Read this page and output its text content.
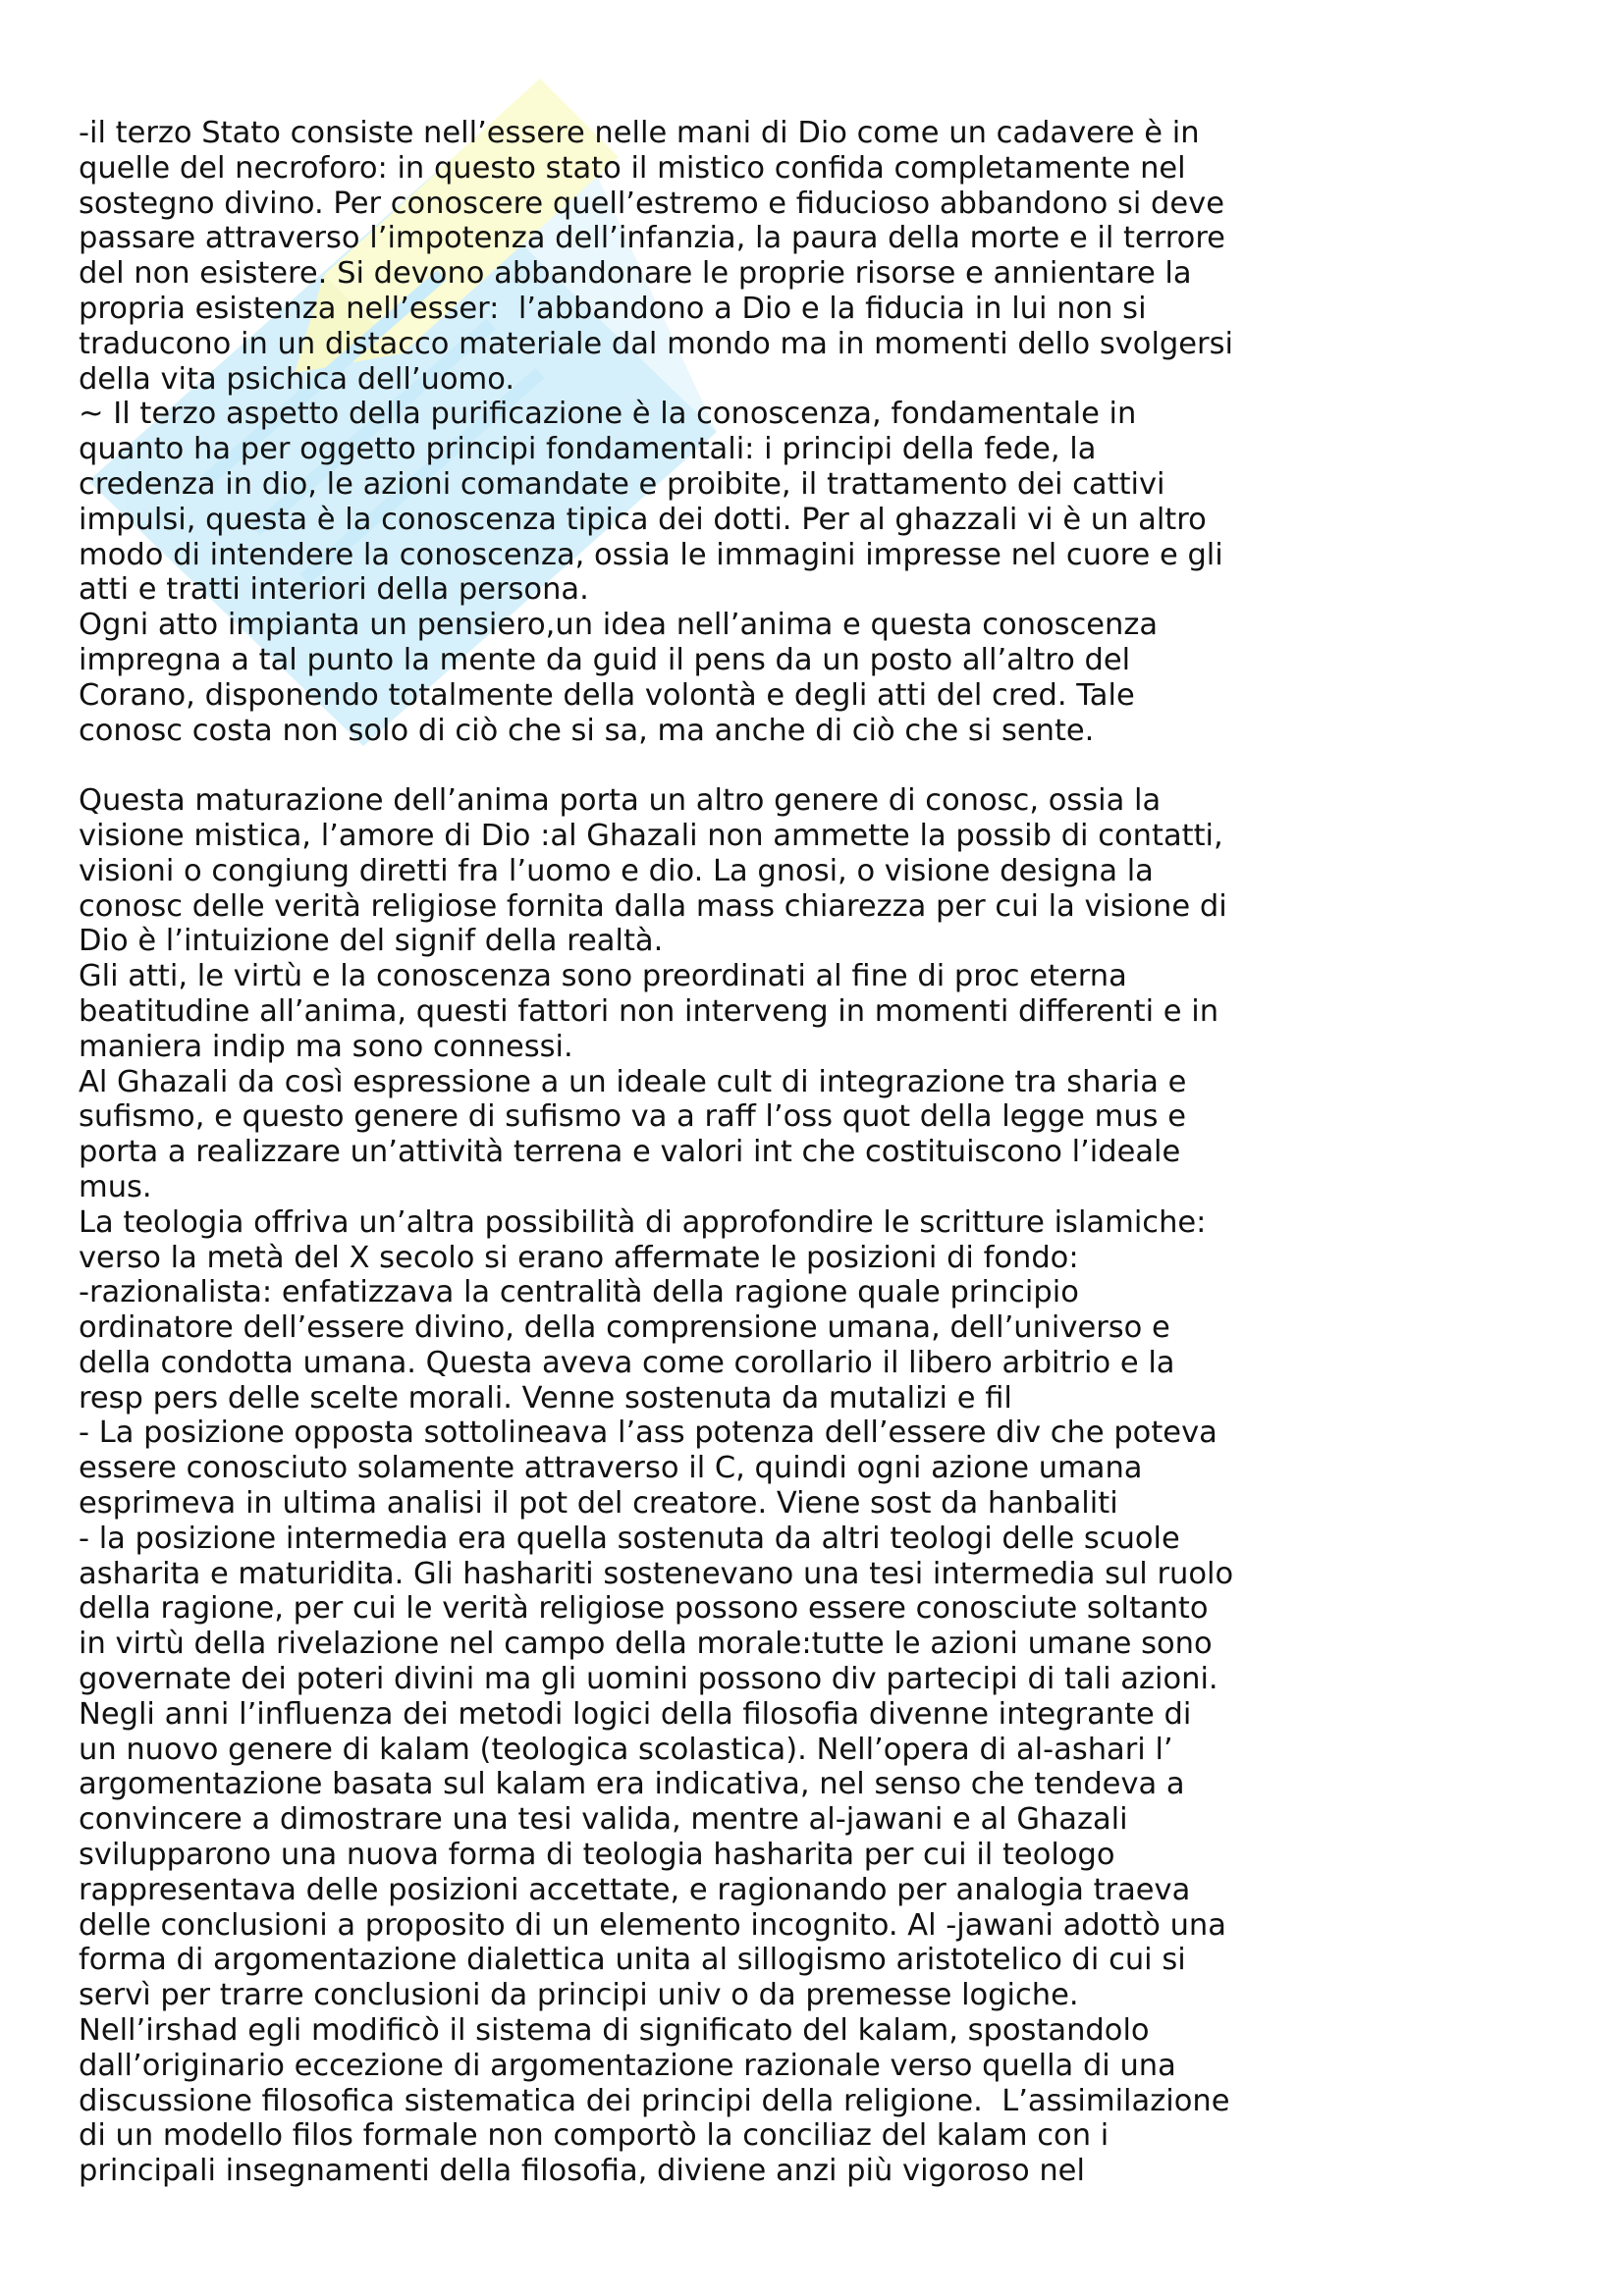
-il terzo Stato consiste nell’essere nelle mani di Dio come un cadavere è in
quelle del necroforo: in questo stato il mistico confida completamente nel
sostegno divino. Per conoscere quell’estremo e fiducioso abbandono si deve
passare attraverso l’impotenza dell’infanzia, la paura della morte e il terrore
del non esistere. Si devono abbandonare le proprie risorse e annientare la
propria esistenza nell’esser:  l’abbandono a Dio e la fiducia in lui non si
traducono in un distacco materiale dal mondo ma in momenti dello svolgersi
della vita psichica dell’uomo.
~ Il terzo aspetto della purificazione è la conoscenza, fondamentale in
quanto ha per oggetto principi fondamentali: i principi della fede, la
credenza in dio, le azioni comandate e proibite, il trattamento dei cattivi
impulsi, questa è la conoscenza tipica dei dotti. Per al ghazzali vi è un altro
modo di intendere la conoscenza, ossia le immagini impresse nel cuore e gli
atti e tratti interiori della persona.
Ogni atto impianta un pensiero,un idea nell’anima e questa conoscenza
impregna a tal punto la mente da guid il pens da un posto all’altro del
Corano, disponendo totalmente della volontà e degli atti del cred. Tale
conosc costa non solo di ciò che si sa, ma anche di ciò che si sente.
Questa maturazione dell’anima porta un altro genere di conosc, ossia la
visione mistica, l’amore di Dio :al Ghazali non ammette la possib di contatti,
visioni o congiung diretti fra l’uomo e dio. La gnosi, o visione designa la
conosc delle verità religiose fornita dalla mass chiarezza per cui la visione di
Dio è l’intuizione del signif della realtà.
Gli atti, le virtù e la conoscenza sono preordinati al fine di proc eterna
beatitudine all’anima, questi fattori non interveng in momenti differenti e in
maniera indip ma sono connessi.
Al Ghazali da così espressione a un ideale cult di integrazione tra sharia e
sufismo, e questo genere di sufismo va a raff l’oss quot della legge mus e
porta a realizzare un’attività terrena e valori int che costituiscono l’ideale
mus.
La teologia offriva un’altra possibilità di approfondire le scritture islamiche:
verso la metà del X secolo si erano affermate le posizioni di fondo:
-razionalista: enfatizzava la centralità della ragione quale principio
ordinatore dell’essere divino, della comprensione umana, dell’universo e
della condotta umana. Questa aveva come corollario il libero arbitrio e la
resp pers delle scelte morali. Venne sostenuta da mutalizi e fil
- La posizione opposta sottolineava l’ass potenza dell’essere div che poteva
essere conosciuto solamente attraverso il C, quindi ogni azione umana
esprimeva in ultima analisi il pot del creatore. Viene sost da hanbaliti
- la posizione intermedia era quella sostenuta da altri teologi delle scuole
asharita e maturidita. Gli hashariti sostenevano una tesi intermedia sul ruolo
della ragione, per cui le verità religiose possono essere conosciute soltanto
in virtù della rivelazione nel campo della morale:tutte le azioni umane sono
governate dei poteri divini ma gli uomini possono div partecipi di tali azioni.
Negli anni l’influenza dei metodi logici della filosofia divenne integrante di
un nuovo genere di kalam (teologica scolastica). Nell’opera di al-ashari l’
argomentazione basata sul kalam era indicativa, nel senso che tendeva a
convincere a dimostrare una tesi valida, mentre al-jawani e al Ghazali
svilupparono una nuova forma di teologia hasharita per cui il teologo
rappresentava delle posizioni accettate, e ragionando per analogia traeva
delle conclusioni a proposito di un elemento incognito. Al -jawani adottò una
forma di argomentazione dialettica unita al sillogismo aristotelico di cui si
servì per trarre conclusioni da principi univ o da premesse logiche.
Nell’irshad egli modificò il sistema di significato del kalam, spostandolo
dall’originario eccezione di argomentazione razionale verso quella di una
discussione filosofica sistematica dei principi della religione.  L’assimilazione
di un modello filos formale non comportò la conciliaz del kalam con i
principali insegnamenti della filosofia, diviene anzi più vigoroso nel
